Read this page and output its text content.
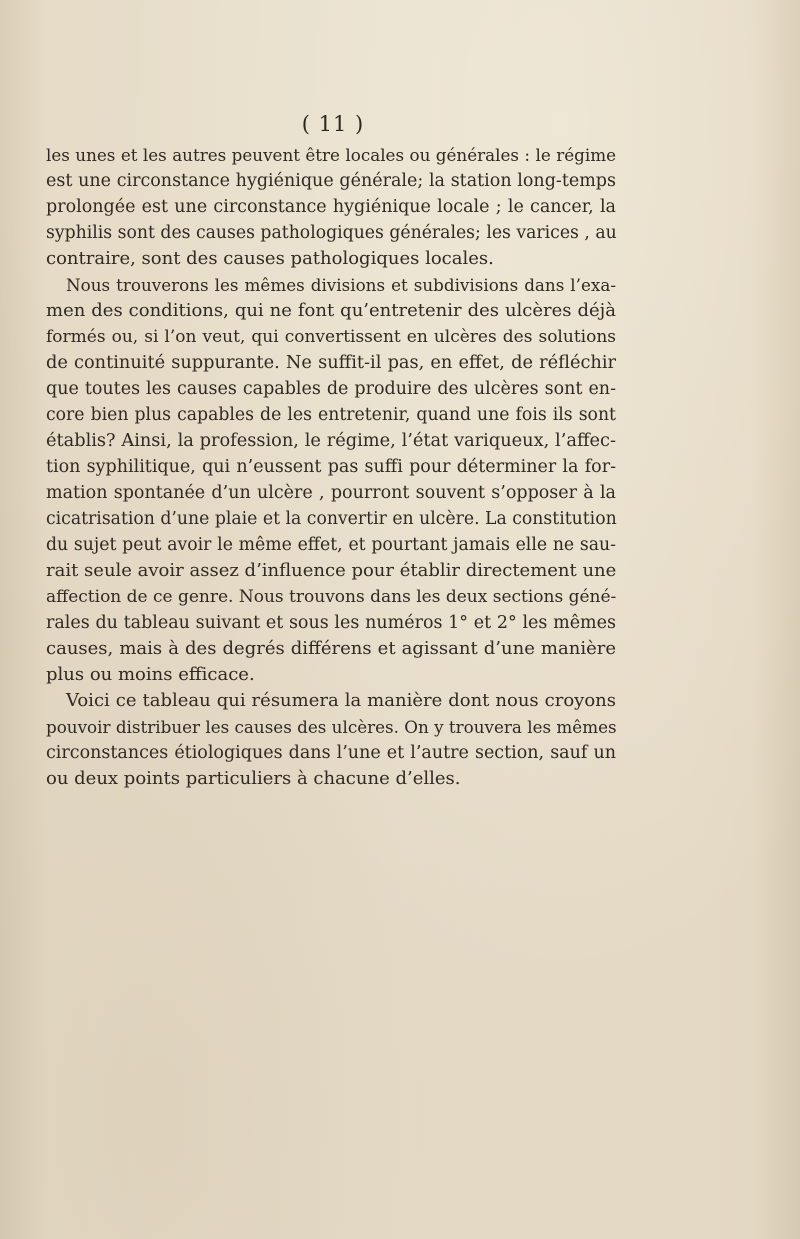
( 11 )
les unes et les autres peuvent être locales ou générales : le régime
est une circonstance hygiénique générale; la station long-temps
prolongée est une circonstance hygiénique locale ; le cancer, la
syphilis sont des causes pathologiques générales; les varices , au
contraire, sont des causes pathologiques locales.
Nous trouverons les mêmes divisions et subdivisions dans l’exa-
men des conditions, qui ne font qu’entretenir des ulcères déjà
formés ou, si l’on veut, qui convertissent en ulcères des solutions
de continuité suppurante. Ne suffit-il pas, en effet, de réfléchir
que toutes les causes capables de produire des ulcères sont en-
core bien plus capables de les entretenir, quand une fois ils sont
établis? Ainsi, la profession, le régime, l’état variqueux, l’affec-
tion syphilitique, qui n’eussent pas suffi pour déterminer la for-
mation spontanée d’un ulcère , pourront souvent s’opposer à la
cicatrisation d’une plaie et la convertir en ulcère. La constitution
du sujet peut avoir le même effet, et pourtant jamais elle ne sau-
rait seule avoir assez d’influence pour établir directement une
affection de ce genre. Nous trouvons dans les deux sections géné-
rales du tableau suivant et sous les numéros 1° et 2° les mêmes
causes, mais à des degrés différens et agissant d’une manière
plus ou moins efficace.
Voici ce tableau qui résumera la manière dont nous croyons
pouvoir distribuer les causes des ulcères. On y trouvera les mêmes
circonstances étiologiques dans l’une et l’autre section, sauf un
ou deux points particuliers à chacune d’elles.
